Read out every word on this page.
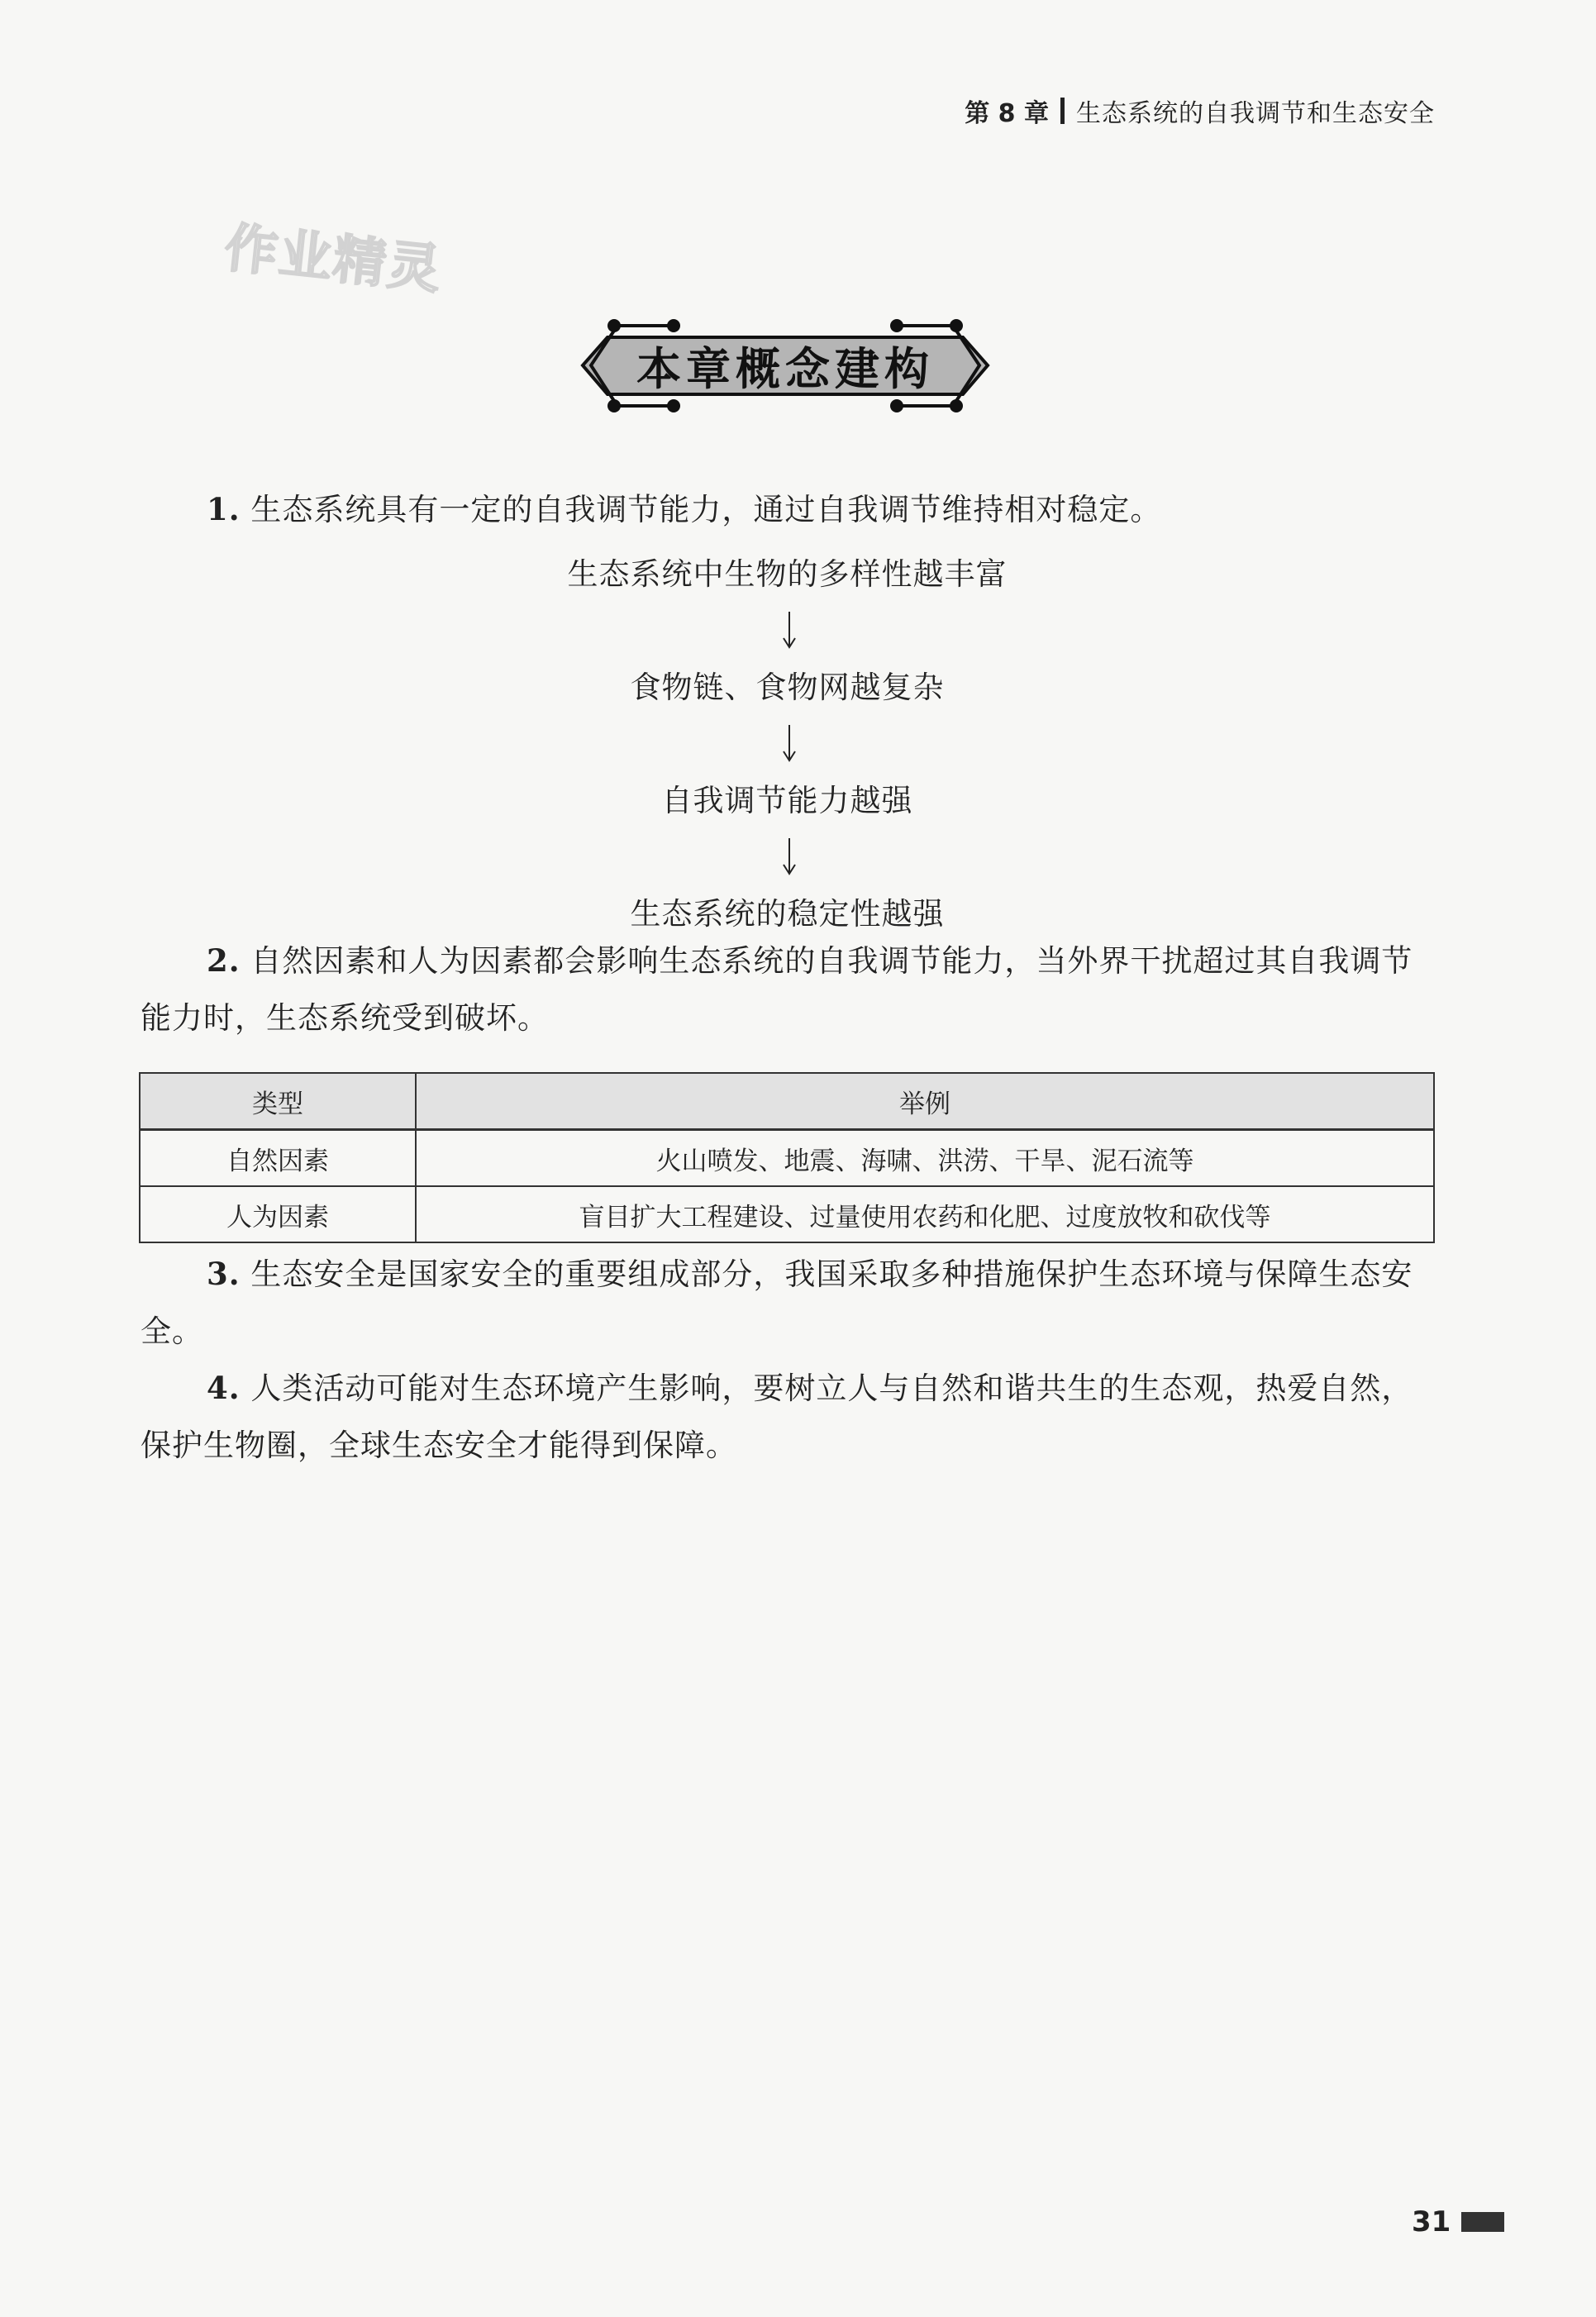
第 8 章 生态系统的自我调节和生态安全
作业精灵
本章概念建构
1. 生态系统具有一定的自我调节能力，通过自我调节维持相对稳定。
生态系统中生物的多样性越丰富
食物链、食物网越复杂
自我调节能力越强
生态系统的稳定性越强
2. 自然因素和人为因素都会影响生态系统的自我调节能力，当外界干扰超过其自我调节能力时，生态系统受到破坏。
类型	举例
自然因素	火山喷发、地震、海啸、洪涝、干旱、泥石流等
人为因素	盲目扩大工程建设、过量使用农药和化肥、过度放牧和砍伐等
3. 生态安全是国家安全的重要组成部分，我国采取多种措施保护生态环境与保障生态安全。
4. 人类活动可能对生态环境产生影响，要树立人与自然和谐共生的生态观，热爱自然，保护生物圈，全球生态安全才能得到保障。
31
